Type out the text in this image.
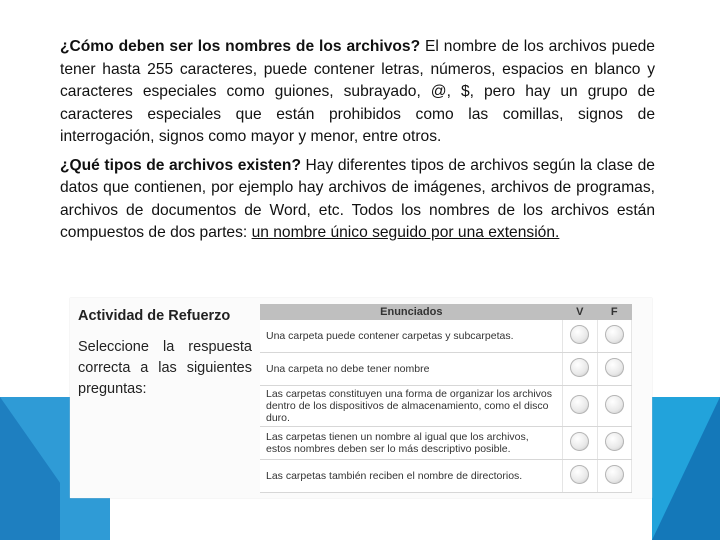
¿Cómo deben ser los nombres de los archivos? El nombre de los archivos puede tener hasta 255 caracteres, puede contener letras, números, espacios en blanco y caracteres especiales como guiones, subrayado, @, $, pero hay un grupo de caracteres especiales que están prohibidos como las comillas, signos de interrogación, signos como mayor y menor, entre otros.

¿Qué tipos de archivos existen? Hay diferentes tipos de archivos según la clase de datos que contienen, por ejemplo hay archivos de imágenes, archivos de programas, archivos de documentos de Word, etc. Todos los nombres de los archivos están compuestos de dos partes: un nombre único seguido por una extensión.

Actividad de Refuerzo
Seleccione la respuesta correcta a las siguientes preguntas:
Enunciados	V	F
Una carpeta puede contener carpetas y subcarpetas.		
Una carpeta no debe tener nombre		
Las carpetas constituyen una forma de organizar los archivos dentro de los dispositivos de almacenamiento, como el disco duro.		
Las carpetas tienen un nombre al igual que los archivos, estos nombres deben ser lo más descriptivo posible.		
Las carpetas también reciben el nombre de directorios.		
